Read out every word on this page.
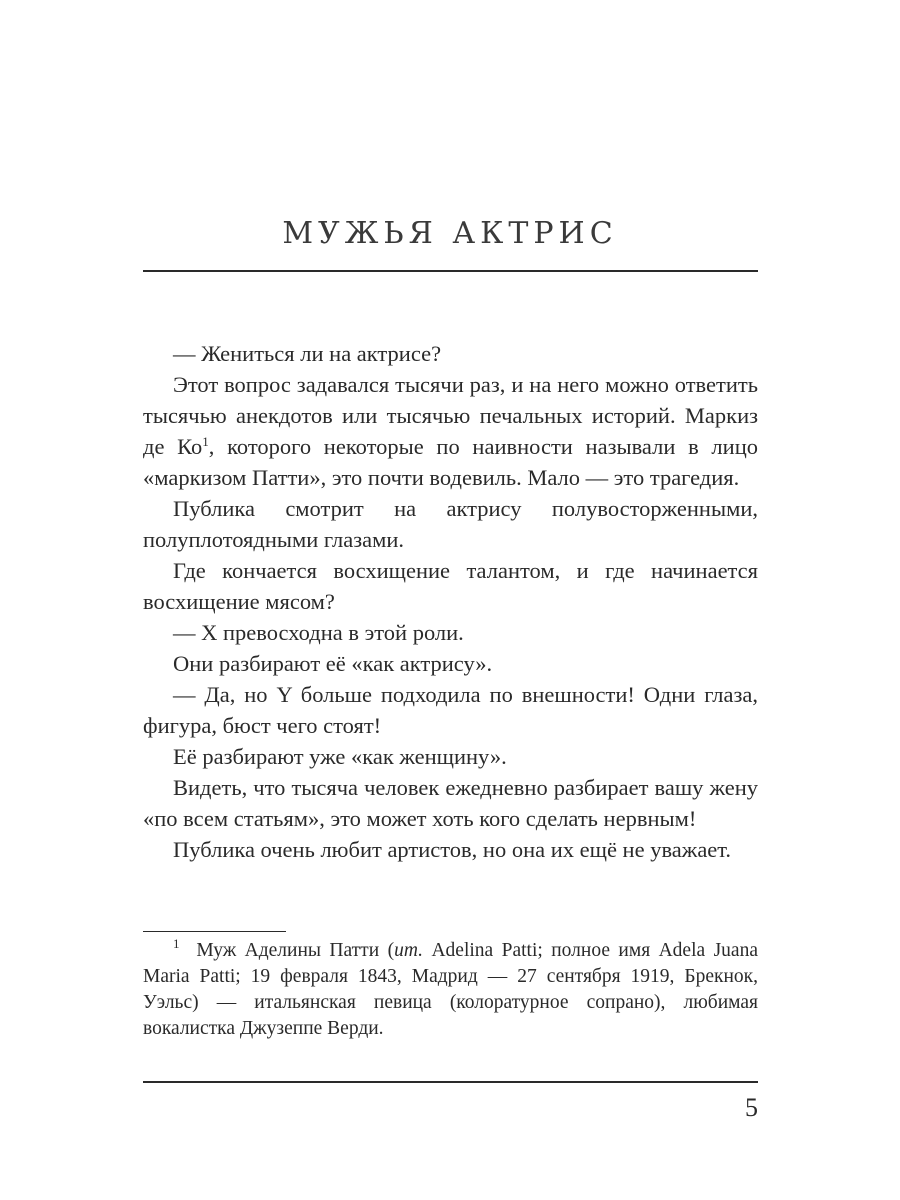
МУЖЬЯ АКТРИС

— Жениться ли на актрисе?

Этот вопрос задавался тысячи раз, и на него можно ответить тысячью анекдотов или тысячью печальных историй. Маркиз де $Ко^1$, которого некоторые по наивности называли в лицо «маркизом Патти», это почти водевиль. Мало — это трагедия.

Публика смотрит на актрису полувосторженными, полуплотоядными глазами.

Где кончается восхищение талантом, и где начинается восхищение мясом?

— X превосходна в этой роли.

Они разбирают её «как актрису».

— Да, но Y больше подходила по внешности! Одни глаза, фигура, бюст чего стоят!

Её разбирают уже «как женщину».

Видеть, что тысяча человек ежедневно разбирает вашу жену «по всем статьям», это может хоть кого сделать нервным!

Публика очень любит артистов, но она их ещё не уважает.

$^1$ Муж Аделины Патти (ит. Adelina Patti; полное имя Adela Juana Maria Patti; 19 февраля 1843, Мадрид — 27 сентября 1919, Брекнок, Уэльс) — итальянская певица (колоратурное сопрано), любимая вокалистка Джузеппе Верди.
5
